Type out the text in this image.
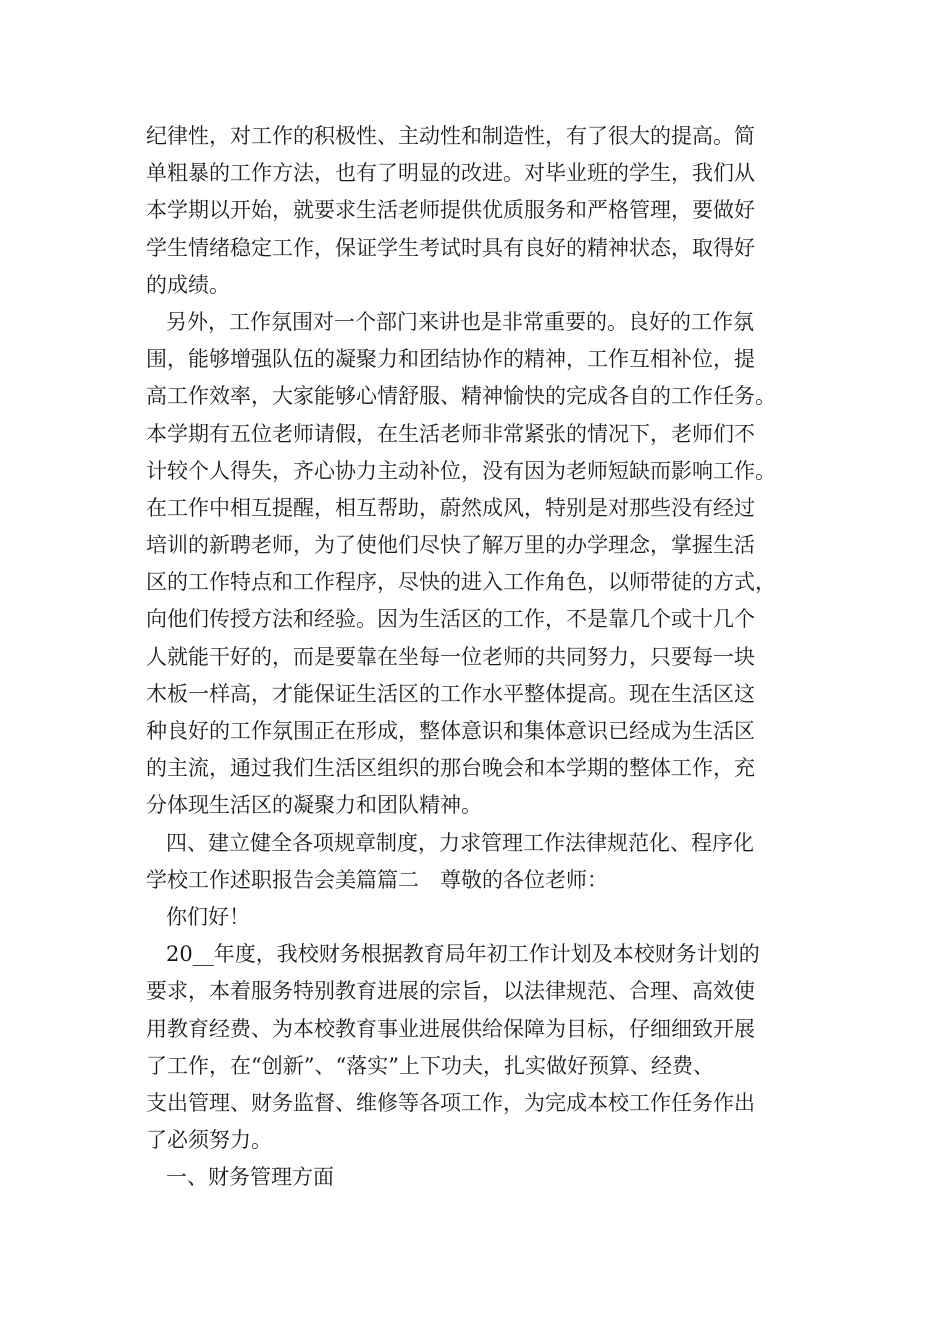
纪律性，对工作的积极性、主动性和制造性，有了很大的提高。简
单粗暴的工作方法，也有了明显的改进。对毕业班的学生，我们从
本学期以开始，就要求生活老师提供优质服务和严格管理，要做好
学生情绪稳定工作，保证学生考试时具有良好的精神状态，取得好
的成绩。
另外，工作氛围对一个部门来讲也是非常重要的。良好的工作氛
围，能够增强队伍的凝聚力和团结协作的精神，工作互相补位，提
高工作效率，大家能够心情舒服、精神愉快的完成各自的工作任务。
本学期有五位老师请假，在生活老师非常紧张的情况下，老师们不
计较个人得失，齐心协力主动补位，没有因为老师短缺而影响工作。
在工作中相互提醒，相互帮助，蔚然成风，特别是对那些没有经过
培训的新聘老师，为了使他们尽快了解万里的办学理念，掌握生活
区的工作特点和工作程序，尽快的进入工作角色，以师带徒的方式，
向他们传授方法和经验。因为生活区的工作，不是靠几个或十几个
人就能干好的，而是要靠在坐每一位老师的共同努力，只要每一块
木板一样高，才能保证生活区的工作水平整体提高。现在生活区这
种良好的工作氛围正在形成，整体意识和集体意识已经成为生活区
的主流，通过我们生活区组织的那台晚会和本学期的整体工作，充
分体现生活区的凝聚力和团队精神。
四、建立健全各项规章制度，力求管理工作法律规范化、程序化
学校工作述职报告会美篇篇二　尊敬的各位老师：
你们好！
20__年度，我校财务根据教育局年初工作计划及本校财务计划的
要求，本着服务特别教育进展的宗旨，以法律规范、合理、高效使
用教育经费、为本校教育事业进展供给保障为目标，仔细细致开展
了工作，在“创新”、“落实”上下功夫，扎实做好预算、经费、
支出管理、财务监督、维修等各项工作，为完成本校工作任务作出
了必须努力。
一、财务管理方面
